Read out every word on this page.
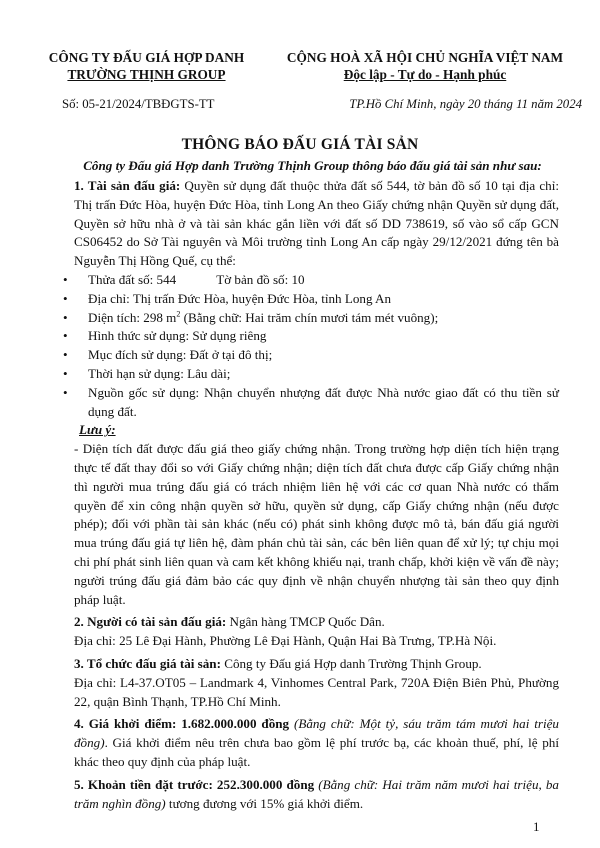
CÔNG TY ĐẤU GIÁ HỢP DANH
TRƯỜNG THỊNH GROUP
CỘNG HOÀ XÃ HỘI CHỦ NGHĨA VIỆT NAM
Độc lập - Tự do - Hạnh phúc
Số: 05-21/2024/TBĐGTS-TT	TP.Hồ Chí Minh, ngày 20 tháng 11 năm 2024
THÔNG BÁO ĐẤU GIÁ TÀI SẢN
Công ty Đấu giá Hợp danh Trường Thịnh Group thông báo đấu giá tài sản như sau:

1. Tài sản đấu giá: Quyền sử dụng đất thuộc thửa đất số 544, tờ bản đồ số 10 tại địa chỉ: Thị trấn Đức Hòa, huyện Đức Hòa, tỉnh Long An theo Giấy chứng nhận Quyền sử dụng đất, Quyền sở hữu nhà ở và tài sản khác gắn liền với đất số DD 738619, số vào sổ cấp GCN CS06452 do Sở Tài nguyên và Môi trường tỉnh Long An cấp ngày 29/12/2021 đứng tên bà Nguyễn Thị Hồng Quế, cụ thể:

• Thửa đất số: 544	Tờ bản đồ số: 10

• Địa chỉ: Thị trấn Đức Hòa, huyện Đức Hòa, tỉnh Long An

• Diện tích: 298 $m^2$ (Bằng chữ: Hai trăm chín mươi tám mét vuông);

• Hình thức sử dụng: Sử dụng riêng

• Mục đích sử dụng: Đất ở tại đô thị;

• Thời hạn sử dụng: Lâu dài;

• Nguồn gốc sử dụng: Nhận chuyển nhượng đất được Nhà nước giao đất có thu tiền sử dụng đất.

Lưu ý:

- Diện tích đất được đấu giá theo giấy chứng nhận. Trong trường hợp diện tích hiện trạng thực tế đất thay đổi so với Giấy chứng nhận; diện tích đất chưa được cấp Giấy chứng nhận thì người mua trúng đấu giá có trách nhiệm liên hệ với các cơ quan Nhà nước có thẩm quyền để xin công nhận quyền sở hữu, quyền sử dụng, cấp Giấy chứng nhận (nếu được phép); đối với phần tài sản khác (nếu có) phát sinh không được mô tả, bán đấu giá người mua trúng đấu giá tự liên hệ, đàm phán chủ tài sản, các bên liên quan để xử lý; tự chịu mọi chi phí phát sinh liên quan và cam kết không khiếu nại, tranh chấp, khởi kiện về vấn đề này; người trúng đấu giá đảm bảo các quy định về nhận chuyển nhượng tài sản theo quy định pháp luật.

2. Người có tài sản đấu giá: Ngân hàng TMCP Quốc Dân.

Địa chỉ: 25 Lê Đại Hành, Phường Lê Đại Hành, Quận Hai Bà Trưng, TP.Hà Nội.

3. Tổ chức đấu giá tài sản: Công ty Đấu giá Hợp danh Trường Thịnh Group.

Địa chỉ: L4-37.OT05 – Landmark 4, Vinhomes Central Park, 720A Điện Biên Phủ, Phường 22, quận Bình Thạnh, TP.Hồ Chí Minh.

4. Giá khởi điểm: 1.682.000.000 đồng (Bằng chữ: Một tỷ, sáu trăm tám mươi hai triệu đồng). Giá khởi điểm nêu trên chưa bao gồm lệ phí trước bạ, các khoản thuế, phí, lệ phí khác theo quy định của pháp luật.

5. Khoản tiền đặt trước: 252.300.000 đồng (Bằng chữ: Hai trăm năm mươi hai triệu, ba trăm nghìn đồng) tương đương với 15% giá khởi điểm.

1
